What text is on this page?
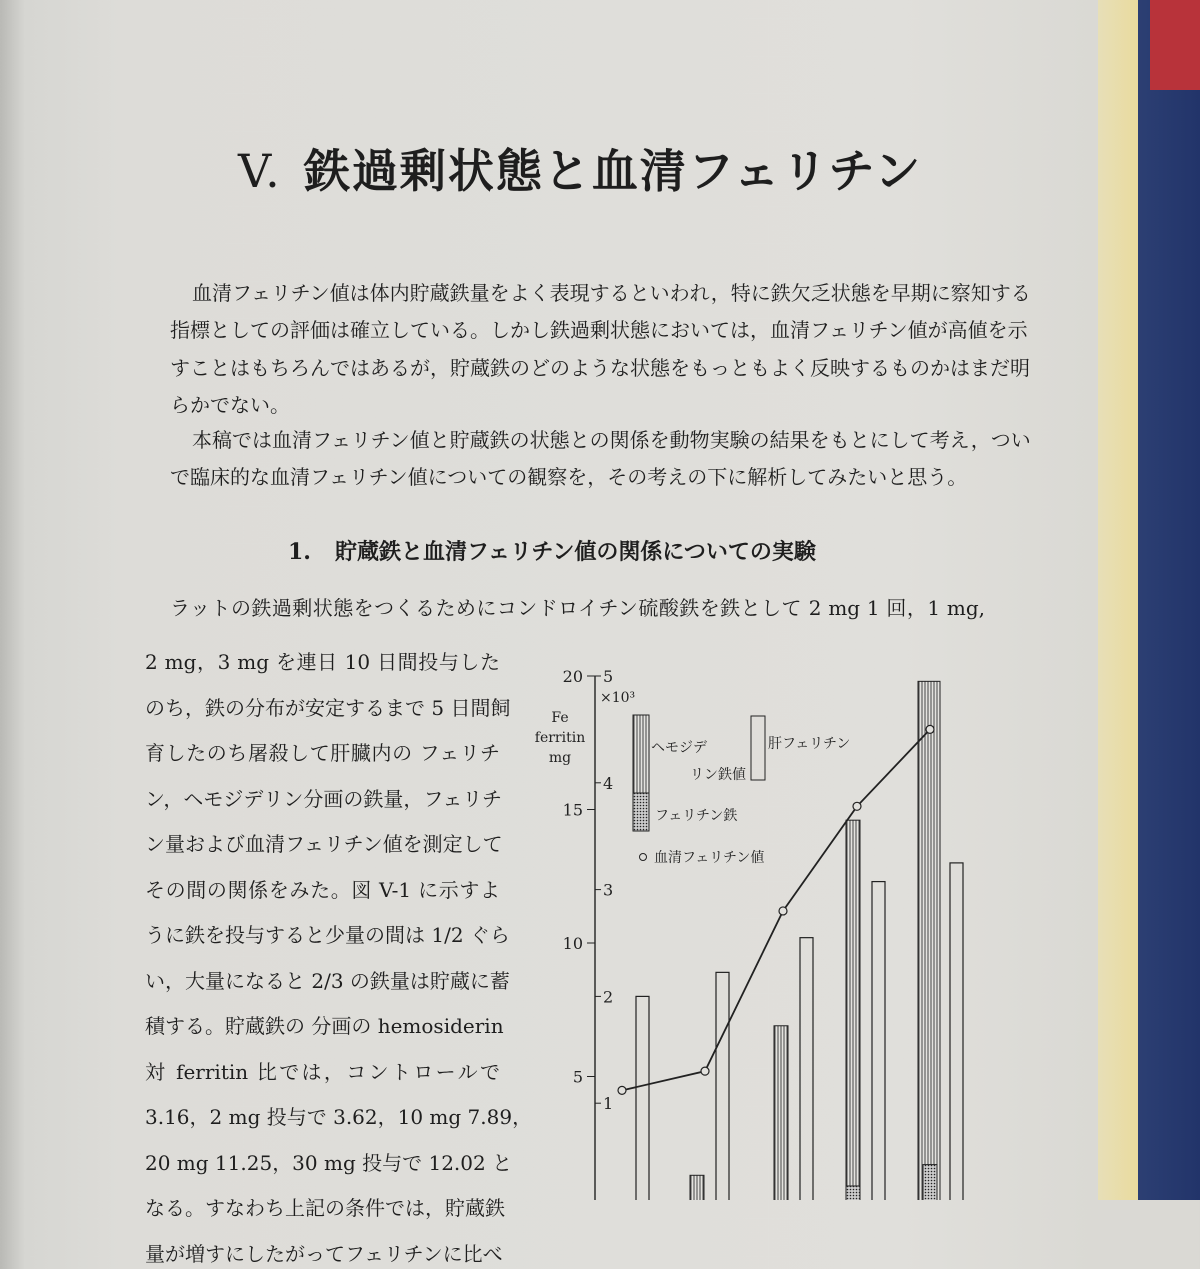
V. 鉄過剰状態と血清フェリチン
血清フェリチン値は体内貯蔵鉄量をよく表現するといわれ，特に鉄欠乏状態を早期に察知する
指標としての評価は確立している。しかし鉄過剰状態においては，血清フェリチン値が高値を示
すことはもちろんではあるが，貯蔵鉄のどのような状態をもっともよく反映するものかはまだ明
らかでない。
本稿では血清フェリチン値と貯蔵鉄の状態との関係を動物実験の結果をもとにして考え，つい
で臨床的な血清フェリチン値についての観察を，その考えの下に解析してみたいと思う。
1. 貯蔵鉄と血清フェリチン値の関係についての実験
ラットの鉄過剰状態をつくるためにコンドロイチン硫酸鉄を鉄として 2 mg 1 回，1 mg,
2 mg，3 mg を連日 10 日間投与した
のち，鉄の分布が安定するまで 5 日間飼
育したのち屠殺して肝臓内の フェリチ
ン，ヘモジデリン分画の鉄量，フェリチ
ン量および血清フェリチン値を測定して
その間の関係をみた。図 V-1 に示すよ
うに鉄を投与すると少量の間は 1/2 ぐら
い，大量になると 2/3 の鉄量は貯蔵に蓄
積する。貯蔵鉄の 分画の hemosiderin
対 ferritin 比では，コントロールで
3.16，2 mg 投与で 3.62，10 mg 7.89，
20 mg 11.25，30 mg 投与で 12.02 と
なる。すなわち上記の条件では，貯蔵鉄
量が増すにしたがってフェリチンに比べ
5
10
15
20
1
2
3
4
5
×10³
Fe
ferritin
mg
ヘモジデ
リン鉄値
フェリチン鉄
肝フェリチン
血清フェリチン値
